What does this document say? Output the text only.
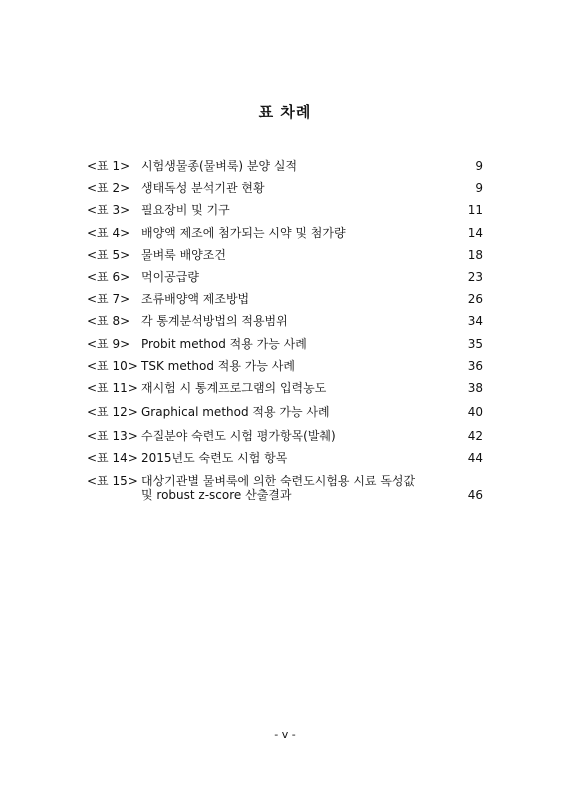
표 차례
<표 1> 시험생물종(물벼룩) 분양 실적	9
<표 2> 생태독성 분석기관 현황	9
<표 3> 필요장비 및 기구	11
<표 4> 배양액 제조에 첨가되는 시약 및 첨가량	14
<표 5> 물벼룩 배양조건	18
<표 6> 먹이공급량	23
<표 7> 조류배양액 제조방법	26
<표 8> 각 통계분석방법의 적용범위	34
<표 9> Probit method 적용 가능 사례	35
<표 10> TSK method 적용 가능 사례	36
<표 11> 재시험 시 통계프로그램의 입력농도	38
<표 12> Graphical method 적용 가능 사례	40
<표 13> 수질분야 숙련도 시험 평가항목(발췌)	42
<표 14> 2015년도 숙련도 시험 항목	44
<표 15> 대상기관별 물벼룩에 의한 숙련도시험용 시료 독성값
및 robust z-score 산출결과	46
- v -
